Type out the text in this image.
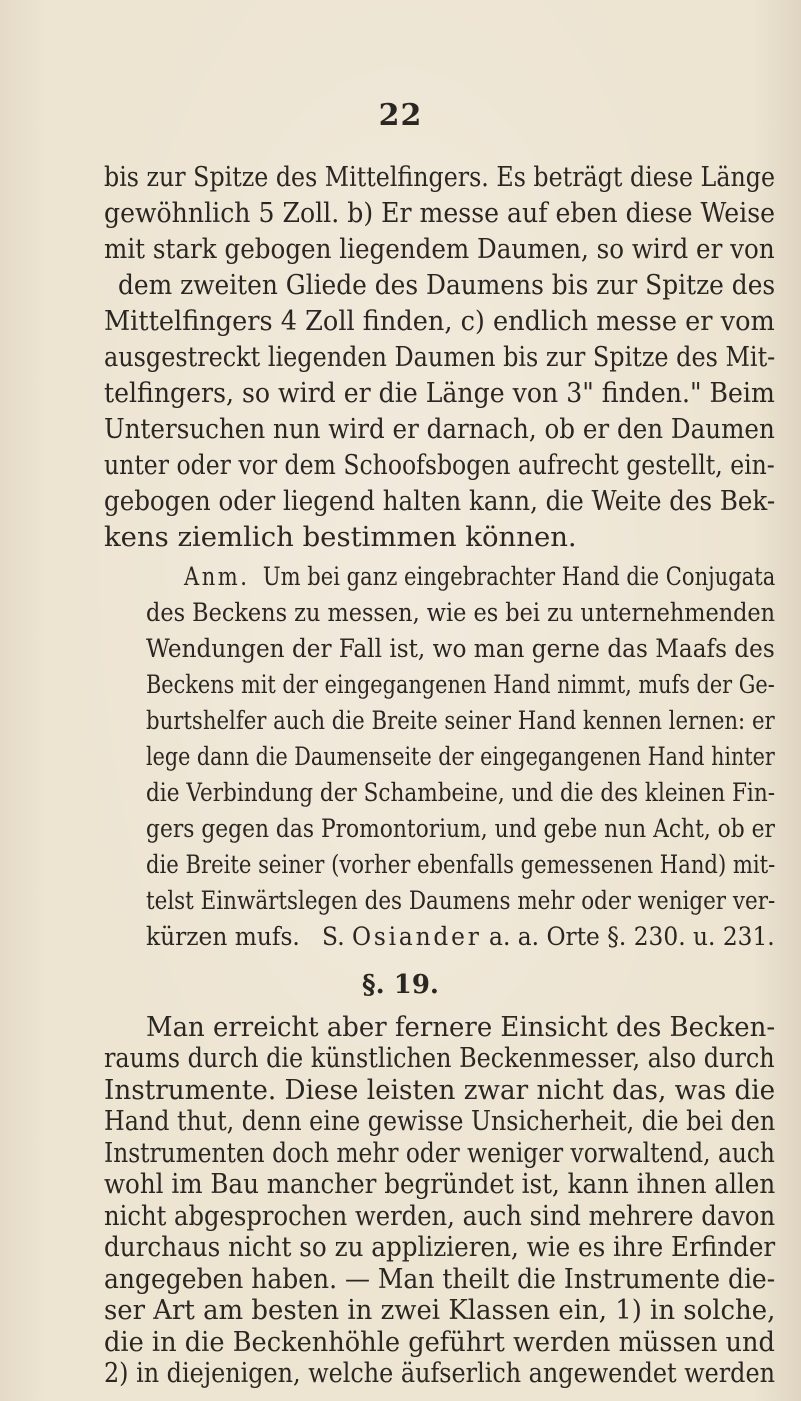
22
bis zur Spitze des Mittelfingers. Es beträgt diese Länge
gewöhnlich 5 Zoll. b) Er messe auf eben diese Weise
mit stark gebogen liegendem Daumen, so wird er von
dem zweiten Gliede des Daumens bis zur Spitze des
Mittelfingers 4 Zoll finden, c) endlich messe er vom
ausgestreckt liegenden Daumen bis zur Spitze des Mit-
telfingers, so wird er die Länge von 3" finden." Beim
Untersuchen nun wird er darnach, ob er den Daumen
unter oder vor dem Schoofsbogen aufrecht gestellt, ein-
gebogen oder liegend halten kann, die Weite des Bek-
kens ziemlich bestimmen können.
Anm. Um bei ganz eingebrachter Hand die Conjugata
des Beckens zu messen, wie es bei zu unternehmenden
Wendungen der Fall ist, wo man gerne das Maafs des
Beckens mit der eingegangenen Hand nimmt, mufs der Ge-
burtshelfer auch die Breite seiner Hand kennen lernen: er
lege dann die Daumenseite der eingegangenen Hand hinter
die Verbindung der Schambeine, und die des kleinen Fin-
gers gegen das Promontorium, und gebe nun Acht, ob er
die Breite seiner (vorher ebenfalls gemessenen Hand) mit-
telst Einwärtslegen des Daumens mehr oder weniger ver-
kürzen mufs. S. Osiander a. a. Orte §. 230. u. 231.
§. 19.
Man erreicht aber fernere Einsicht des Becken-
raums durch die künstlichen Beckenmesser, also durch
Instrumente. Diese leisten zwar nicht das, was die
Hand thut, denn eine gewisse Unsicherheit, die bei den
Instrumenten doch mehr oder weniger vorwaltend, auch
wohl im Bau mancher begründet ist, kann ihnen allen
nicht abgesprochen werden, auch sind mehrere davon
durchaus nicht so zu applizieren, wie es ihre Erfinder
angegeben haben. — Man theilt die Instrumente die-
ser Art am besten in zwei Klassen ein, 1) in solche,
die in die Beckenhöhle geführt werden müssen und
2) in diejenigen, welche äufserlich angewendet werden
